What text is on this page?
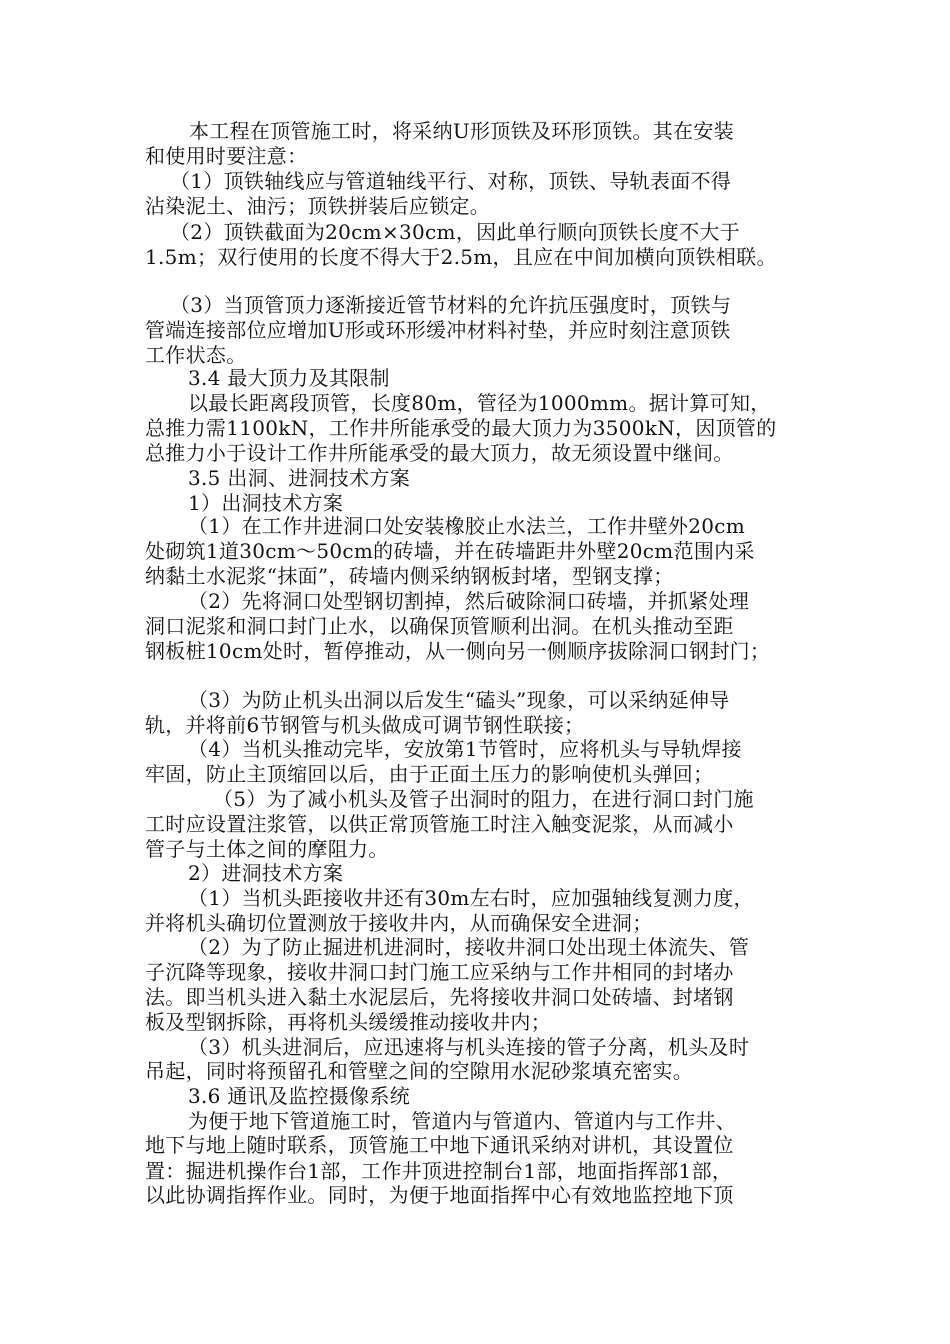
本工程在顶管施工时，将采纳U形顶铁及环形顶铁。其在安装

和使用时要注意：

（1）顶铁轴线应与管道轴线平行、对称，顶铁、导轨表面不得

沾染泥土、油污；顶铁拼装后应锁定。

（2）顶铁截面为20cm×30cm，因此单行顺向顶铁长度不大于

1.5m；双行使用的长度不得大于2.5m，且应在中间加横向顶铁相联。

（3）当顶管顶力逐渐接近管节材料的允许抗压强度时，顶铁与

管端连接部位应增加U形或环形缓冲材料衬垫，并应时刻注意顶铁

工作状态。

3.4 最大顶力及其限制

以最长距离段顶管，长度80m，管径为1000mm。据计算可知，

总推力需1100kN，工作井所能承受的最大顶力为3500kN，因顶管的

总推力小于设计工作井所能承受的最大顶力，故无须设置中继间。

3.5 出洞、进洞技术方案

1）出洞技术方案

（1）在工作井进洞口处安装橡胶止水法兰，工作井壁外20cm

处砌筑1道30cm～50cm的砖墙，并在砖墙距井外壁20cm范围内采

纳黏土水泥浆“抹面”，砖墙内侧采纳钢板封堵，型钢支撑；

（2）先将洞口处型钢切割掉，然后破除洞口砖墙，并抓紧处理

洞口泥浆和洞口封门止水，以确保顶管顺利出洞。在机头推动至距

钢板桩10cm处时，暂停推动，从一侧向另一侧顺序拔除洞口钢封门；

（3）为防止机头出洞以后发生“磕头”现象，可以采纳延伸导

轨，并将前6节钢管与机头做成可调节钢性联接；

（4）当机头推动完毕，安放第1节管时，应将机头与导轨焊接

牢固，防止主顶缩回以后，由于正面土压力的影响使机头弹回；

（5）为了减小机头及管子出洞时的阻力，在进行洞口封门施

工时应设置注浆管，以供正常顶管施工时注入触变泥浆，从而减小

管子与土体之间的摩阻力。

2）进洞技术方案

（1）当机头距接收井还有30m左右时，应加强轴线复测力度，

并将机头确切位置测放于接收井内，从而确保安全进洞；

（2）为了防止掘进机进洞时，接收井洞口处出现土体流失、管

子沉降等现象，接收井洞口封门施工应采纳与工作井相同的封堵办

法。即当机头进入黏土水泥层后，先将接收井洞口处砖墙、封堵钢

板及型钢拆除，再将机头缓缓推动接收井内；

（3）机头进洞后，应迅速将与机头连接的管子分离，机头及时

吊起，同时将预留孔和管壁之间的空隙用水泥砂浆填充密实。

3.6 通讯及监控摄像系统

为便于地下管道施工时，管道内与管道内、管道内与工作井、

地下与地上随时联系，顶管施工中地下通讯采纳对讲机，其设置位

置：掘进机操作台1部，工作井顶进控制台1部，地面指挥部1部，

以此协调指挥作业。同时，为便于地面指挥中心有效地监控地下顶
